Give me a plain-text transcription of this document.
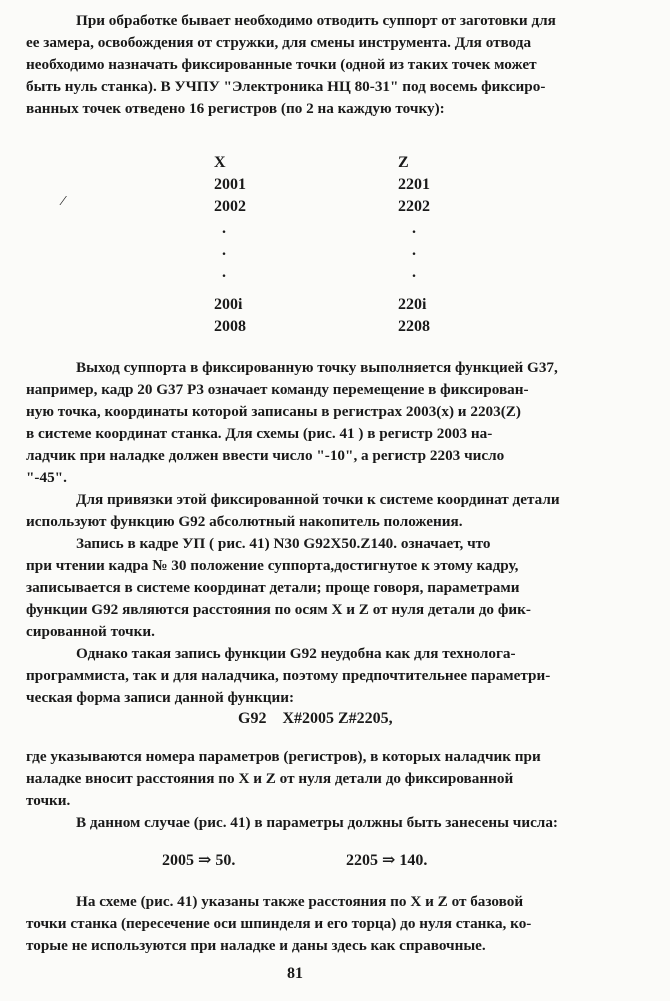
При обработке бывает необходимо отводить суппорт от заготовки для
ее замера, освобождения от стружки, для смены инструмента. Для отвода
необходимо назначать фиксированные точки (одной из таких точек может
быть нуль станка). В УЧПУ "Электроника НЦ 80-31" под восемь фиксиро-
ванных точек отведено 16 регистров (по 2 на каждую точку):
X
2001
2002
.
.
.
200i
2008
Z
2201
2202
.
.
.
220i
2208
⁄
Выход суппорта в фиксированную точку выполняется функцией G37,
например, кадр 20 G37 P3 означает команду перемещение в фиксирован-
ную точка, координаты которой записаны в регистрах 2003(x) и 2203(Z)
в системе координат станка. Для схемы (рис. 41 ) в регистр 2003 на-
ладчик при наладке должен ввести число "-10", а регистр 2203 число
"-45".
Для привязки этой фиксированной точки к системе координат детали
используют функцию G92 абсолютный накопитель положения.
Запись в кадре УП ( рис. 41) N30 G92X50.Z140. означает, что
при чтении кадра № 30 положение суппорта,достигнутое к этому кадру,
записывается в системе координат детали; проще говоря, параметрами
функции G92 являются расстояния по осям X и Z от нуля детали до фик-
сированной точки.
Однако такая запись функции G92 неудобна как для технолога-
программиста, так и для наладчика, поэтому предпочтительнее параметри-
ческая форма записи данной функции:
G92    X#2005 Z#2205,
где указываются номера параметров (регистров), в которых наладчик при
наладке вносит расстояния по X и Z от нуля детали до фиксированной
точки.
В данном случае (рис. 41) в параметры должны быть занесены числа:
2005 ⇒ 50.	2205 ⇒ 140.
На схеме (рис. 41) указаны также расстояния по X и Z от базовой
точки станка (пересечение оси шпинделя и его торца) до нуля станка, ко-
торые не используются при наладке и даны здесь как справочные.
81
